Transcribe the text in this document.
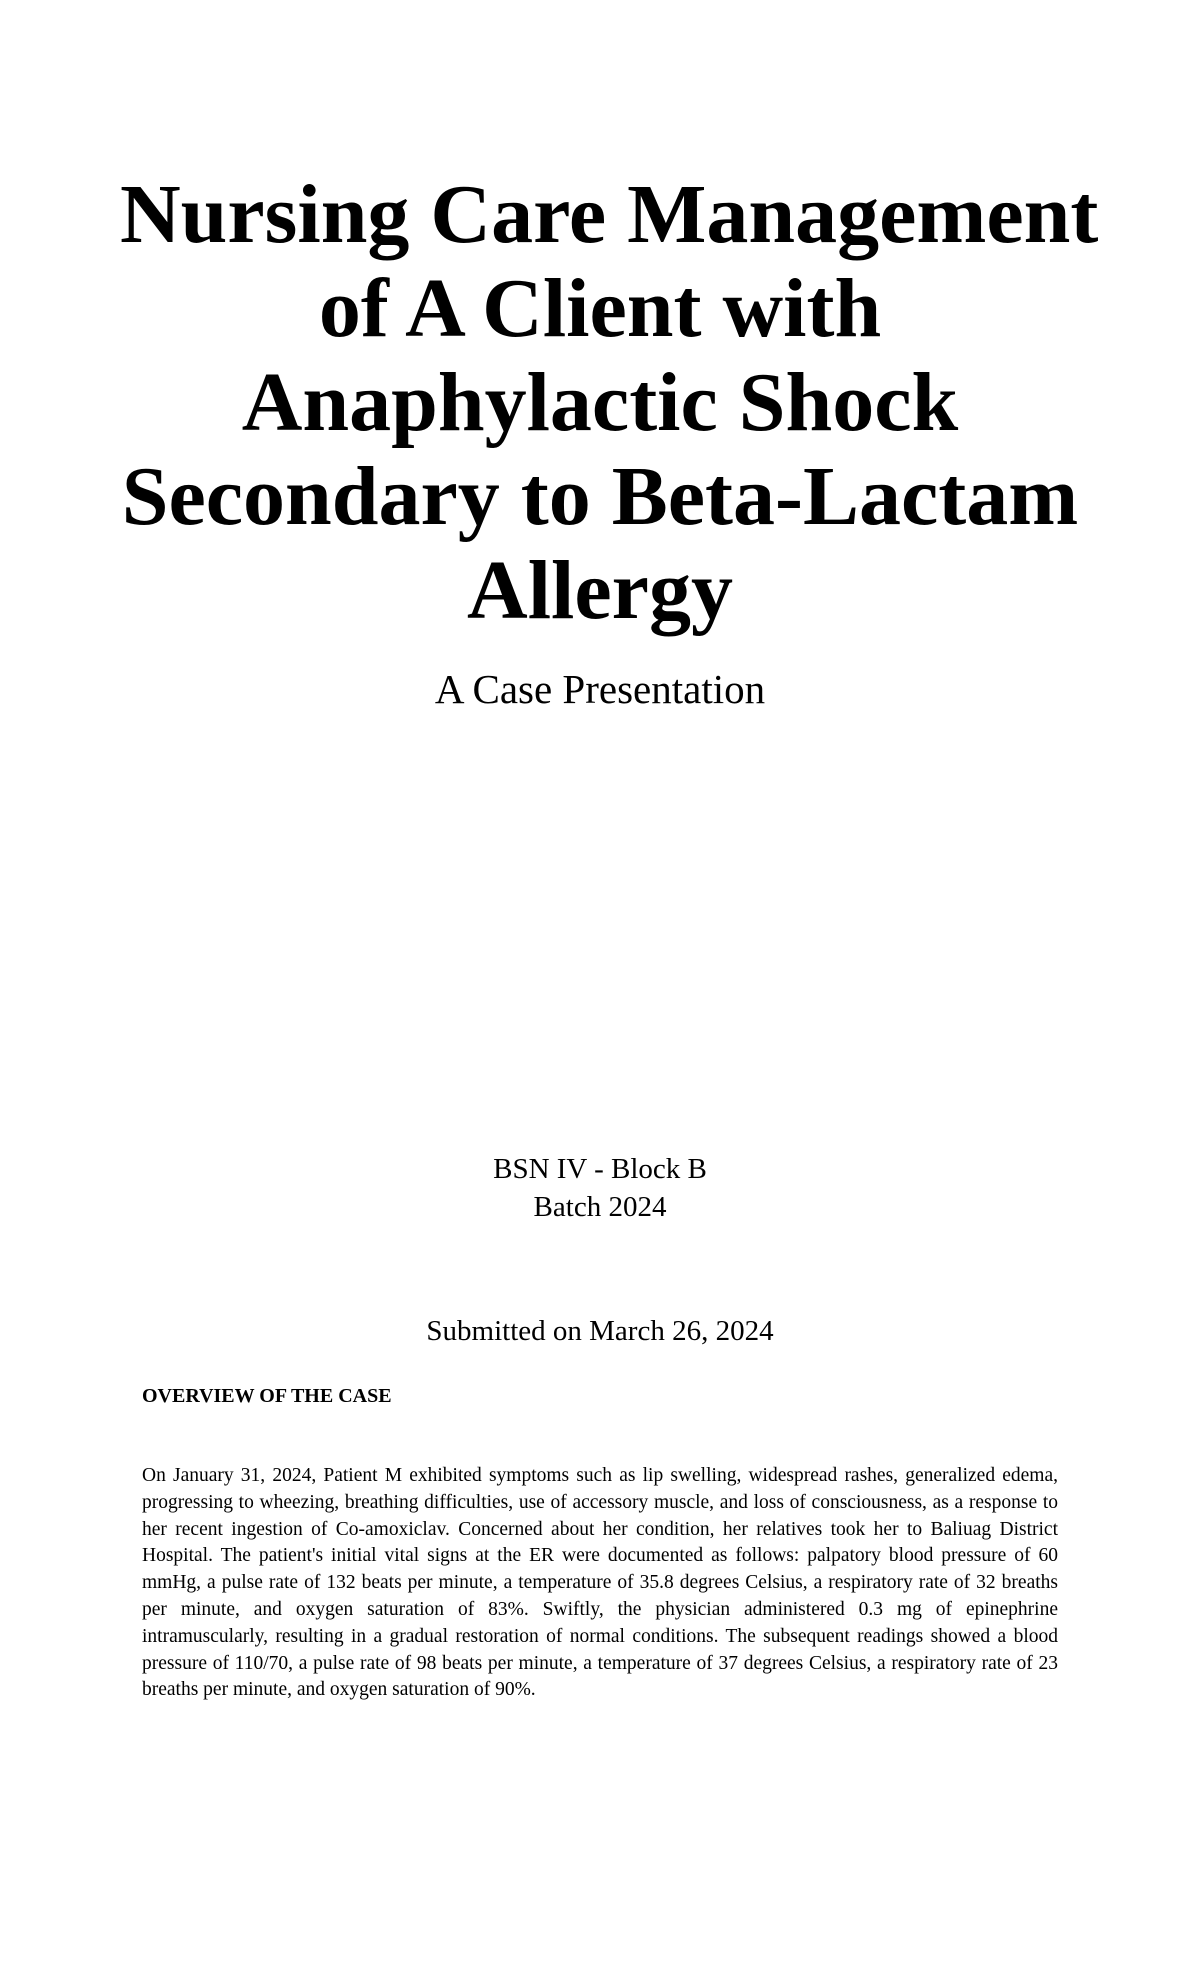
Nursing Care Management
of A Client with
Anaphylactic Shock
Secondary to Beta-Lactam
Allergy
A Case Presentation
BSN IV - Block B
Batch 2024
Submitted on March 26, 2024
OVERVIEW OF THE CASE

On January 31, 2024, Patient M exhibited symptoms such as lip swelling, widespread rashes, generalized edema, progressing to wheezing, breathing difficulties, use of accessory muscle, and loss of consciousness, as a response to her recent ingestion of Co-amoxiclav. Concerned about her condition, her relatives took her to Baliuag District Hospital. The patient's initial vital signs at the ER were documented as follows: palpatory blood pressure of 60 mmHg, a pulse rate of 132 beats per minute, a temperature of 35.8 degrees Celsius, a respiratory rate of 32 breaths per minute, and oxygen saturation of 83%. Swiftly, the physician administered 0.3 mg of epinephrine intramuscularly, resulting in a gradual restoration of normal conditions. The subsequent readings showed a blood pressure of 110/70, a pulse rate of 98 beats per minute, a temperature of 37 degrees Celsius, a respiratory rate of 23 breaths per minute, and oxygen saturation of 90%.
